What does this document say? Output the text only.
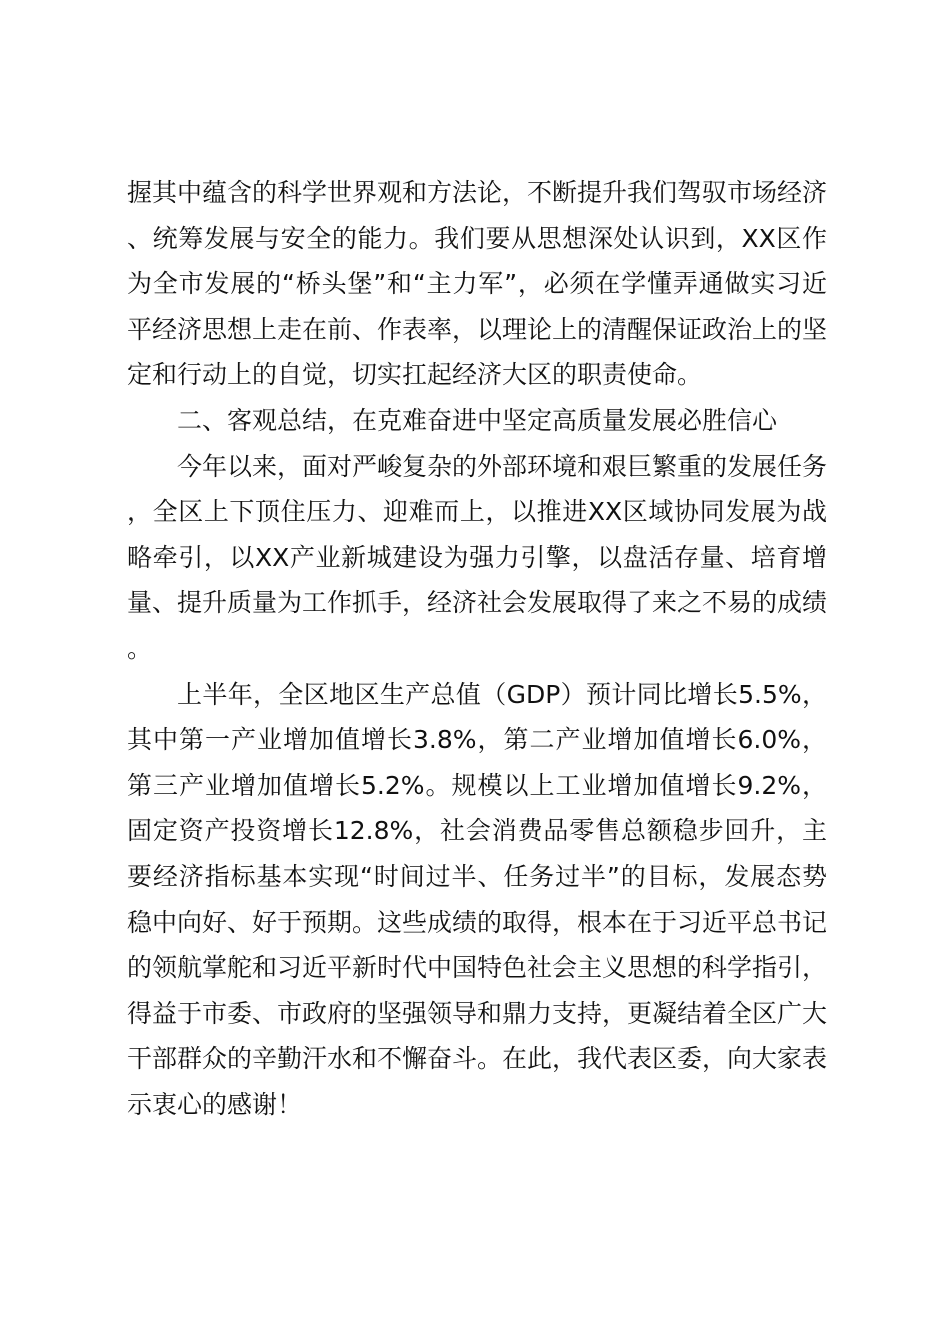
握其中蕴含的科学世界观和方法论，不断提升我们驾驭市场经济、统筹发展与安全的能力。我们要从思想深处认识到，XX区作为全市发展的“桥头堡”和“主力军”，必须在学懂弄通做实习近平经济思想上走在前、作表率，以理论上的清醒保证政治上的坚定和行动上的自觉，切实扛起经济大区的职责使命。

二、客观总结，在克难奋进中坚定高质量发展必胜信心

今年以来，面对严峻复杂的外部环境和艰巨繁重的发展任务，全区上下顶住压力、迎难而上，以推进XX区域协同发展为战略牵引，以XX产业新城建设为强力引擎，以盘活存量、培育增量、提升质量为工作抓手，经济社会发展取得了来之不易的成绩。

上半年，全区地区生产总值（GDP）预计同比增长5.5%，其中第一产业增加值增长3.8%，第二产业增加值增长6.0%，第三产业增加值增长5.2%。规模以上工业增加值增长9.2%，固定资产投资增长12.8%，社会消费品零售总额稳步回升，主要经济指标基本实现“时间过半、任务过半”的目标，发展态势稳中向好、好于预期。这些成绩的取得，根本在于习近平总书记的领航掌舵和习近平新时代中国特色社会主义思想的科学指引，得益于市委、市政府的坚强领导和鼎力支持，更凝结着全区广大干部群众的辛勤汗水和不懈奋斗。在此，我代表区委，向大家表示衷心的感谢！
